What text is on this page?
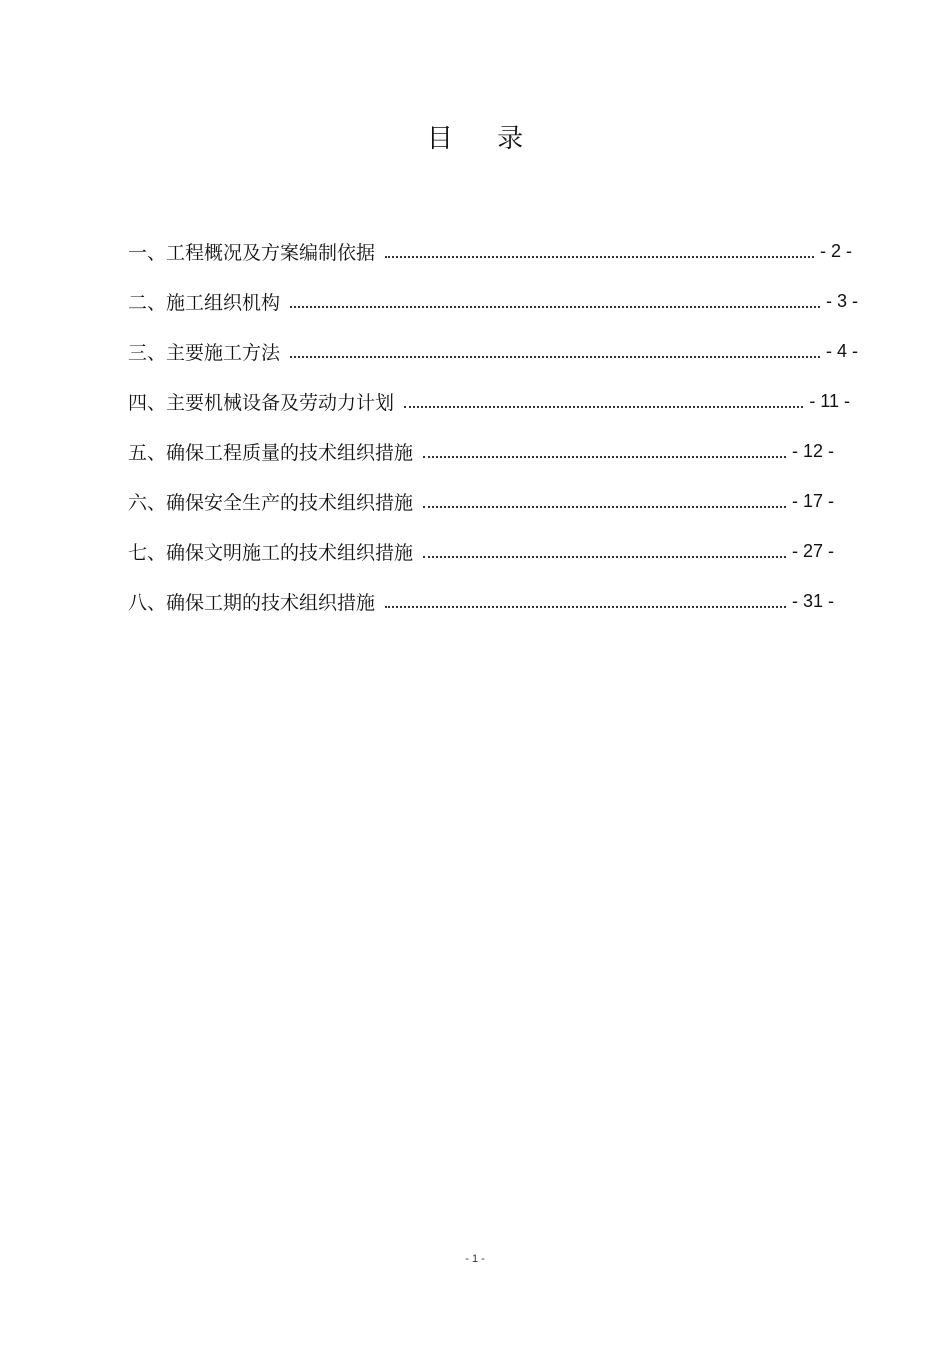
目 录
一、工程概况及方案编制依据	- 2 -
二、施工组织机构	- 3 -
三、主要施工方法	- 4 -
四、主要机械设备及劳动力计划	- 11 -
五、确保工程质量的技术组织措施	- 12 -
六、确保安全生产的技术组织措施	- 17 -
七、确保文明施工的技术组织措施	- 27 -
八、确保工期的技术组织措施	- 31 -
- 1 -
